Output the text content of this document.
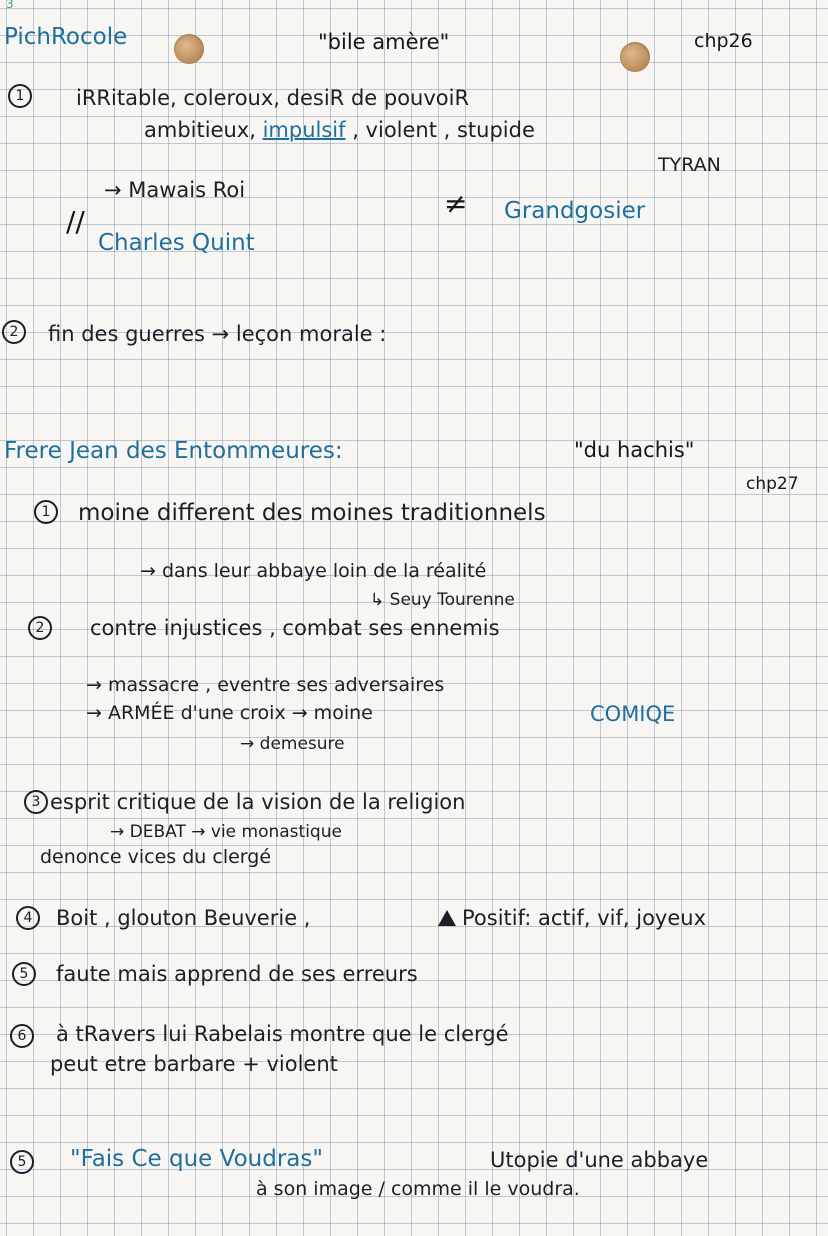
3
PichRocole	"bile amère"	chp26
1	iRRitable, coleroux, desiR de pouvoiR
ambitieux, impulsif , violent , stupide
TYRAN
→ Mawais Roi	≠ Grandgosier
//
Charles Quint
2	fin des guerres → leçon morale :
Frere Jean des Entommeures:	"du hachis"
chp27
1	moine different des moines traditionnels
→ dans leur abbaye loin de la réalité
↳ Seuy Tourenne
2	contre injustices , combat ses ennemis
→ massacre , eventre ses adversaires
→ ARMÉE d'une croix → moine	COMIQE
→ demesure
3 esprit critique de la vision de la religion
→ DEBAT → vie monastique
denonce vices du clergé
4	Boit , glouton Beuverie ,	Positif: actif, vif, joyeux
5	faute mais apprend de ses erreurs
6	à tRavers lui Rabelais montre que le clergé
peut etre barbare + violent
5	"Fais Ce que Voudras"	Utopie d'une abbaye
à son image / comme il le voudra.
